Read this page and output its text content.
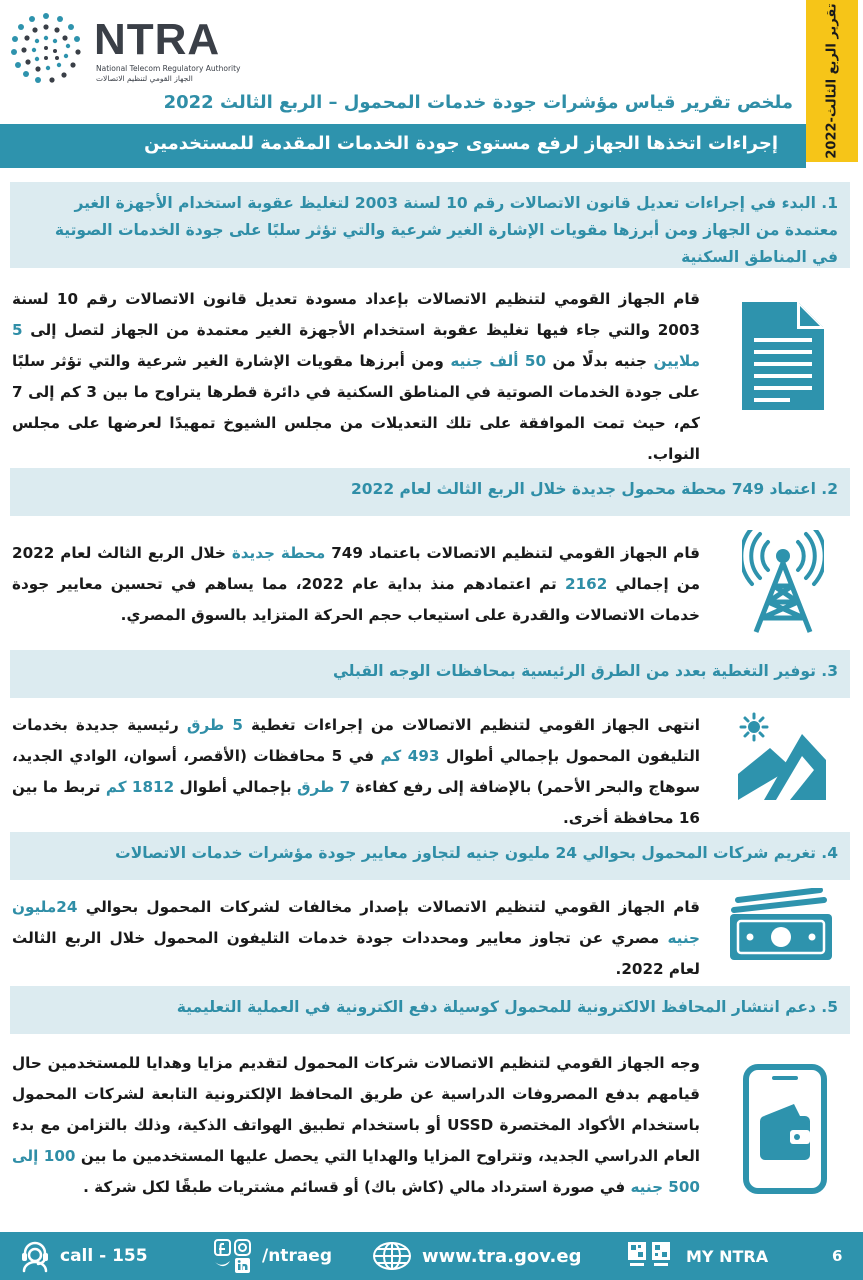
تقرير الربع الثالث-2022
NTRA
National Telecom Regulatory Authority
الجهاز القومي لتنظيم الاتصالات
ملخص تقرير قياس مؤشرات جودة خدمات المحمول – الربع الثالث 2022
إجراءات اتخذها الجهاز لرفع مستوى جودة الخدمات المقدمة للمستخدمين
1. البدء في إجراءات تعديل قانون الاتصالات رقم 10 لسنة 2003 لتغليظ عقوبة استخدام الأجهزة الغير معتمدة من الجهاز ومن أبرزها مقويات الإشارة الغير شرعية والتي تؤثر سلبًا على جودة الخدمات الصوتية في المناطق السكنية
قام الجهاز القومي لتنظيم الاتصالات بإعداد مسودة تعديل قانون الاتصالات رقم 10 لسنة 2003 والتي جاء فيها تغليظ عقوبة استخدام الأجهزة الغير معتمدة من الجهاز لتصل إلى 5 ملايين جنيه بدلًا من 50 ألف جنيه ومن أبرزها مقويات الإشارة الغير شرعية والتي تؤثر سلبًا على جودة الخدمات الصوتية في المناطق السكنية في دائرة قطرها يتراوح ما بين 3 كم إلى 7 كم، حيث تمت الموافقة على تلك التعديلات من مجلس الشيوخ تمهيدًا لعرضها على مجلس النواب.
2. اعتماد 749 محطة محمول جديدة خلال الربع الثالث لعام 2022
قام الجهاز القومي لتنظيم الاتصالات باعتماد 749 محطة جديدة خلال الربع الثالث لعام 2022 من إجمالي 2162 تم اعتمادهم منذ بداية عام 2022، مما يساهم في تحسين معايير جودة خدمات الاتصالات والقدرة على استيعاب حجم الحركة المتزايد بالسوق المصري.
3. توفير التغطية بعدد من الطرق الرئيسية بمحافظات الوجه القبلي
انتهى الجهاز القومي لتنظيم الاتصالات من إجراءات تغطية 5 طرق رئيسية جديدة بخدمات التليفون المحمول بإجمالي أطوال 493 كم في 5 محافظات (الأقصر، أسوان، الوادي الجديد، سوهاج والبحر الأحمر) بالإضافة إلى رفع كفاءة 7 طرق بإجمالي أطوال 1812 كم تربط ما بين 16 محافظة أخرى.
4. تغريم شركات المحمول بحوالي 24 مليون جنيه لتجاوز معايير جودة مؤشرات خدمات الاتصالات
قام الجهاز القومي لتنظيم الاتصالات بإصدار مخالفات لشركات المحمول بحوالي 24مليون جنيه مصري عن تجاوز معايير ومحددات جودة خدمات التليفون المحمول خلال الربع الثالث لعام 2022.
5. دعم انتشار المحافظ الالكترونية للمحمول كوسيلة دفع الكترونية في العملية التعليمية
وجه الجهاز القومي لتنظيم الاتصالات شركات المحمول لتقديم مزايا وهدايا للمستخدمين حال قيامهم بدفع المصروفات الدراسية عن طريق المحافظ الإلكترونية التابعة لشركات المحمول باستخدام الأكواد المختصرة USSD أو باستخدام تطبيق الهواتف الذكية، وذلك بالتزامن مع بدء العام الدراسي الجديد، وتتراوح المزايا والهدايا التي يحصل عليها المستخدمين ما بين 100 إلى 500 جنيه في صورة استرداد مالي (كاش باك) أو قسائم مشتريات طبقًا لكل شركة .
call - 155	/ntraeg	www.tra.gov.eg	MY NTRA	6
